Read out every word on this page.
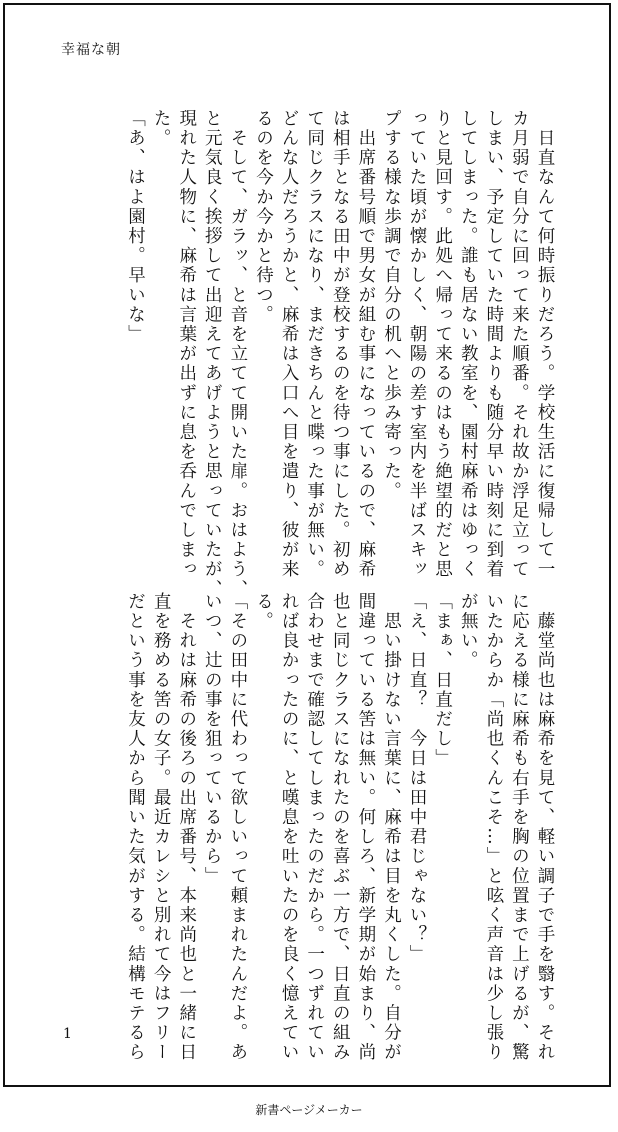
幸福な朝

　日直なんて何時振りだろう。学校生活に復帰して一

カ月弱で自分に回って来た順番。それ故か浮足立って

しまい、予定していた時間よりも随分早い時刻に到着

してしまった。誰も居ない教室を、園村麻希はゆっく

りと見回す。此処へ帰って来るのはもう絶望的だと思

っていた頃が懐かしく、朝陽の差す室内を半ばスキッ

プする様な歩調で自分の机へと歩み寄った。

　出席番号順で男女が組む事になっているので、麻希

は相手となる田中が登校するのを待つ事にした。初め

て同じクラスになり、まだきちんと喋った事が無い。

どんな人だろうかと、麻希は入口へ目を遣り、彼が来

るのを今か今かと待つ。

　そして、ガラッ、と音を立てて開いた扉。おはよう、

と元気良く挨拶して出迎えてあげようと思っていたが、

現れた人物に、麻希は言葉が出ずに息を呑んでしまっ

た。

「あ、はよ園村。早いな」

　藤堂尚也は麻希を見て、軽い調子で手を翳す。それ

に応える様に麻希も右手を胸の位置まで上げるが、驚

いたからか「尚也くんこそ…」と呟く声音は少し張り

が無い。

「まぁ、日直だし」

「え、日直？　今日は田中君じゃない？」

　思い掛けない言葉に、麻希は目を丸くした。自分が

間違っている筈は無い。何しろ、新学期が始まり、尚

也と同じクラスになれたのを喜ぶ一方で、日直の組み

合わせまで確認してしまったのだから。一つずれてい

れば良かったのに、と嘆息を吐いたのを良く憶えてい

る。

「その田中に代わって欲しいって頼まれたんだよ。あ

いつ、辻の事を狙っているから」

　それは麻希の後ろの出席番号、本来尚也と一緒に日

直を務める筈の女子。最近カレシと別れて今はフリー

だという事を友人から聞いた気がする。結構モテるら

1
新書ページメーカー
